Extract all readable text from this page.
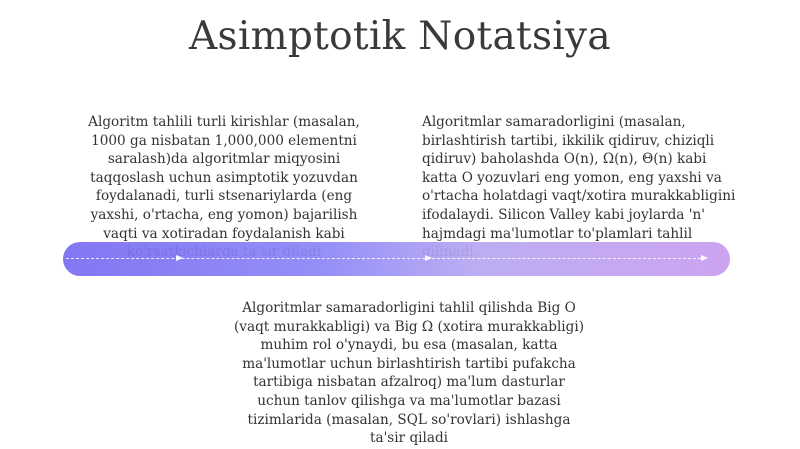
Asimptotik Notatsiya
Algoritm tahlili turli kirishlar (masalan, 1000 ga nisbatan 1,000,000 elementni saralash)da algoritmlar miqyosini taqqoslash uchun asimptotik yozuvdan foydalanadi, turli stsenariylarda (eng yaxshi, o'rtacha, eng yomon) bajarilish vaqti va xotiradan foydalanish kabi
Algoritmlar samaradorligini (masalan, birlashtirish tartibi, ikkilik qidiruv, chiziqli qidiruv) baholashda O(n), Ω(n), Θ(n) kabi katta O yozuvlari eng yomon, eng yaxshi va o'rtacha holatdagi vaqt/xotira murakkabligini ifodalaydi. Silicon Valley kabi joylarda 'n' hajmdagi ma'lumotlar to'plamlari tahlil
Algoritmlar samaradorligini tahlil qilishda Big O (vaqt murakkabligi) va Big Ω (xotira murakkabligi) muhim rol o'ynaydi, bu esa (masalan, katta ma'lumotlar uchun birlashtirish tartibi pufakcha tartibiga nisbatan afzalroq) ma'lum dasturlar uchun tanlov qilishga va ma'lumotlar bazasi tizimlarida (masalan, SQL so'rovlari) ishlashga ta'sir qiladi
